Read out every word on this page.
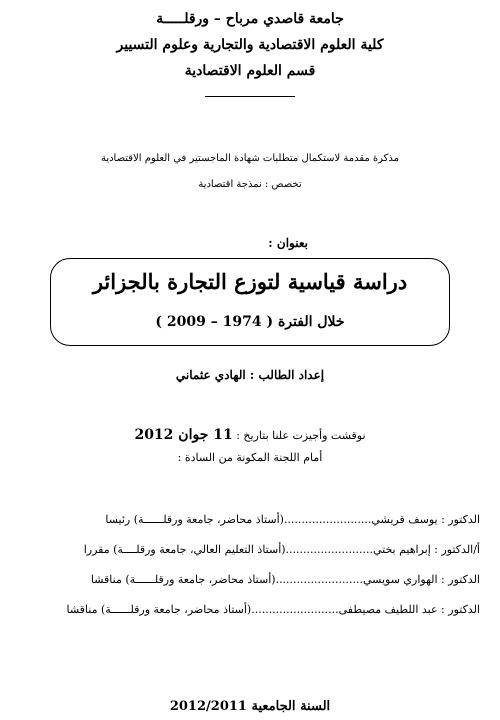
جامعة قاصدي مرباح – ورقلـــــة
كلية العلوم الاقتصادية والتجارية وعلوم التسيير
قسم العلوم الاقتصادية
مذكرة مقدمة لاستكمال متطلبات شهادة الماجستير في العلوم الاقتصادية
تخصص : نمذجة اقتصادية
بعنوان :
دراسة قياسية لتوزع التجارة بالجزائر
خلال الفترة ( 1974 – 2009 )
إعداد الطالب : الهادي عثماني
نوقشت وأجيزت علنا بتاريخ : 11 جوان 2012
أمام اللجنة المكونة من السادة :
الدكتور : يوسف قريشي.........................(أستاذ محاضر، جامعة ورقلــــــة) رئيسا
أ/الدكتور : إبراهيم بختي.........................(أستاذ التعليم العالي، جامعة ورقلــــة) مقررا
الدكتور : الهواري سويسي.........................(أستاذ محاضر، جامعة ورقلــــــة) مناقشا
الدكتور : عبد اللطيف مصيطفى.........................(أستاذ محاضر، جامعة ورقلــــــة) مناقشا
السنة الجامعية 2012/2011
